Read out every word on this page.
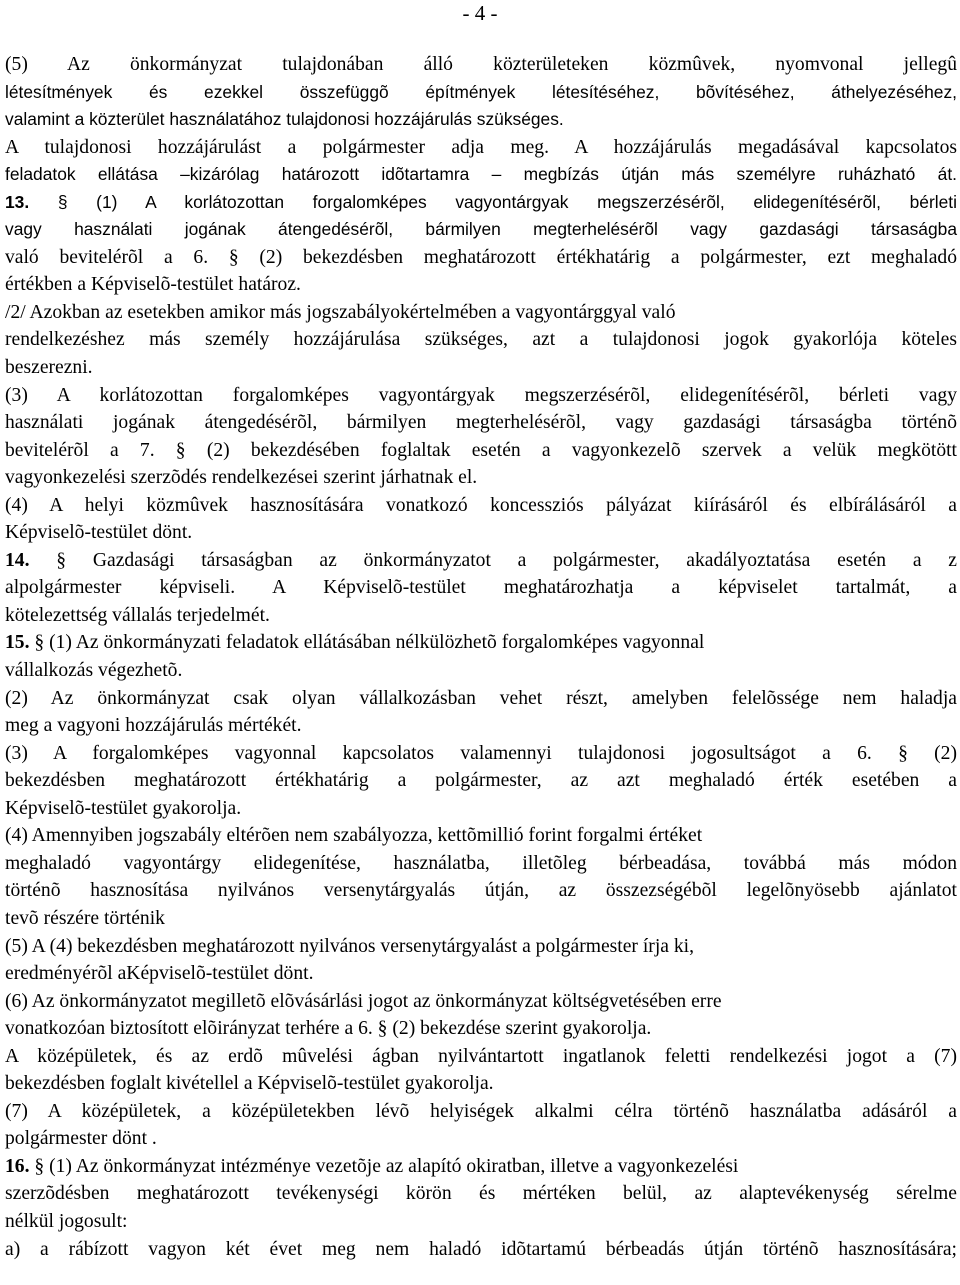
- 4 -
(5) Az önkormányzat tulajdonában álló közterületeken közmûvek, nyomvonal jellegû
létesítmények és ezekkel összefüggõ építmények létesítéséhez, bõvítéséhez, áthelyezéséhez,
valamint a közterület használatához tulajdonosi hozzájárulás szükséges.
A tulajdonosi hozzájárulást a polgármester adja meg. A hozzájárulás megadásával kapcsolatos
feladatok ellátása –kizárólag határozott idõtartamra – megbízás útján más személyre ruházható át.
13. § (1) A korlátozottan forgalomképes vagyontárgyak megszerzésérõl, elidegenítésérõl, bérleti
vagy használati jogának átengedésérõl, bármilyen megterhelésérõl vagy gazdasági társaságba
való bevitelérõl a 6. § (2) bekezdésben meghatározott értékhatárig a polgármester, ezt meghaladó
értékben a Képviselõ-testület határoz.
/2/ Azokban az esetekben amikor más jogszabályokértelmében a vagyontárggyal való
rendelkezéshez más személy hozzájárulása szükséges, azt a tulajdonosi jogok gyakorlója köteles
beszerezni.
(3) A korlátozottan forgalomképes vagyontárgyak megszerzésérõl, elidegenítésérõl, bérleti vagy
használati jogának átengedésérõl, bármilyen megterhelésérõl, vagy gazdasági társaságba történõ
bevitelérõl a 7. § (2) bekezdésében foglaltak esetén a vagyonkezelõ szervek a velük megkötött
vagyonkezelési szerzõdés rendelkezései szerint járhatnak el.
(4) A helyi közmûvek hasznosítására vonatkozó koncessziós pályázat kiírásáról és elbírálásáról a
Képviselõ-testület dönt.
14. § Gazdasági társaságban az önkormányzatot a polgármester, akadályoztatása esetén a z
alpolgármester képviseli. A Képviselõ-testület meghatározhatja a képviselet tartalmát, a
kötelezettség vállalás terjedelmét.
15. § (1) Az önkormányzati feladatok ellátásában nélkülözhetõ forgalomképes vagyonnal
vállalkozás végezhetõ.
(2) Az önkormányzat csak olyan vállalkozásban vehet részt, amelyben felelõssége nem haladja
meg a vagyoni hozzájárulás mértékét.
(3) A forgalomképes vagyonnal kapcsolatos valamennyi tulajdonosi jogosultságot a 6. § (2)
bekezdésben meghatározott értékhatárig a polgármester, az azt meghaladó érték esetében a
Képviselõ-testület gyakorolja.
(4) Amennyiben jogszabály eltérõen nem szabályozza, kettõmillió forint forgalmi értéket
meghaladó vagyontárgy elidegenítése, használatba, illetõleg bérbeadása, továbbá más módon
történõ hasznosítása nyilvános versenytárgyalás útján, az összezségébõl legelõnyösebb ajánlatot
tevõ részére történik
(5) A (4) bekezdésben meghatározott nyilvános versenytárgyalást a polgármester írja ki,
eredményérõl aKépviselõ-testület dönt.
(6) Az önkormányzatot megilletõ elõvásárlási jogot az önkormányzat költségvetésében erre
vonatkozóan biztosított elõirányzat terhére a 6. § (2) bekezdése szerint gyakorolja.
A középületek, és az erdõ mûvelési ágban nyilvántartott ingatlanok feletti rendelkezési jogot a (7)
bekezdésben foglalt kivétellel a Képviselõ-testület gyakorolja.
(7) A középületek, a középületekben lévõ helyiségek alkalmi célra történõ használatba adásáról a
polgármester dönt .
16. § (1) Az önkormányzat intézménye vezetõje az alapító okiratban, illetve a vagyonkezelési
szerzõdésben meghatározott tevékenységi körön és mértéken belül, az alaptevékenység sérelme
nélkül jogosult:
a) a rábízott vagyon két évet meg nem haladó idõtartamú bérbeadás útján történõ hasznosítására;
